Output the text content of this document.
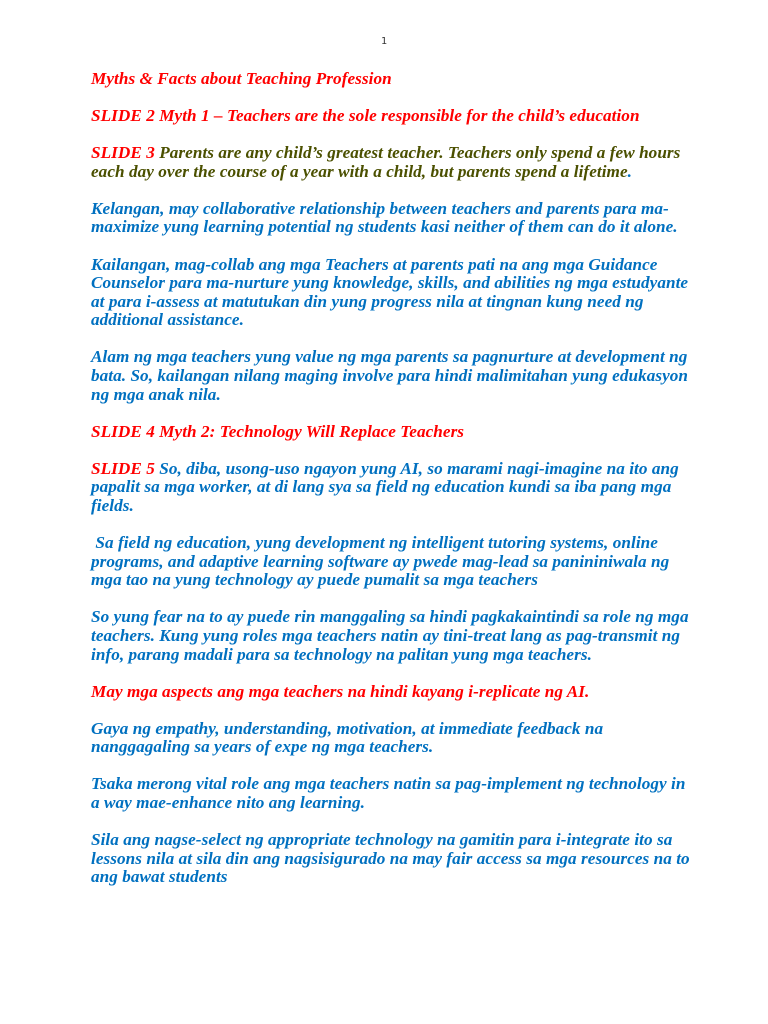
1

Myths & Facts about Teaching Profession

SLIDE 2 Myth 1 – Teachers are the sole responsible for the child’s education

SLIDE 3 Parents are any child’s greatest teacher. Teachers only spend a few hours each day over the course of a year with a child, but parents spend a lifetime.

Kelangan, may collaborative relationship between teachers and parents para ma-maximize yung learning potential ng students kasi neither of them can do it alone.

Kailangan, mag-collab ang mga Teachers at parents pati na ang mga Guidance Counselor para ma-nurture yung knowledge, skills, and abilities ng mga estudyante at para i-assess at matutukan din yung progress nila at tingnan kung need ng additional assistance.

Alam ng mga teachers yung value ng mga parents sa pagnurture at development ng bata. So, kailangan nilang maging involve para hindi malimitahan yung edukasyon ng mga anak nila.

SLIDE 4 Myth 2: Technology Will Replace Teachers

SLIDE 5 So, diba, usong-uso ngayon yung AI, so marami nagi-imagine na ito ang papalit sa mga worker, at di lang sya sa field ng education kundi sa iba pang mga fields.

Sa field ng education, yung development ng intelligent tutoring systems, online programs, and adaptive learning software ay pwede mag-lead sa panininiwala ng mga tao na yung technology ay puede pumalit sa mga teachers

So yung fear na to ay puede rin manggaling sa hindi pagkakaintindi sa role ng mga teachers. Kung yung roles mga teachers natin ay tini-treat lang as pag-transmit ng info, parang madali para sa technology na palitan yung mga teachers.

May mga aspects ang mga teachers na hindi kayang i-replicate ng AI.

Gaya ng empathy, understanding, motivation, at immediate feedback na nanggagaling sa years of expe ng mga teachers.

Tsaka merong vital role ang mga teachers natin sa pag-implement ng technology in a way mae-enhance nito ang learning.

Sila ang nagse-select ng appropriate technology na gamitin para i-integrate ito sa lessons nila at sila din ang nagsisigurado na may fair access sa mga resources na to ang bawat students
